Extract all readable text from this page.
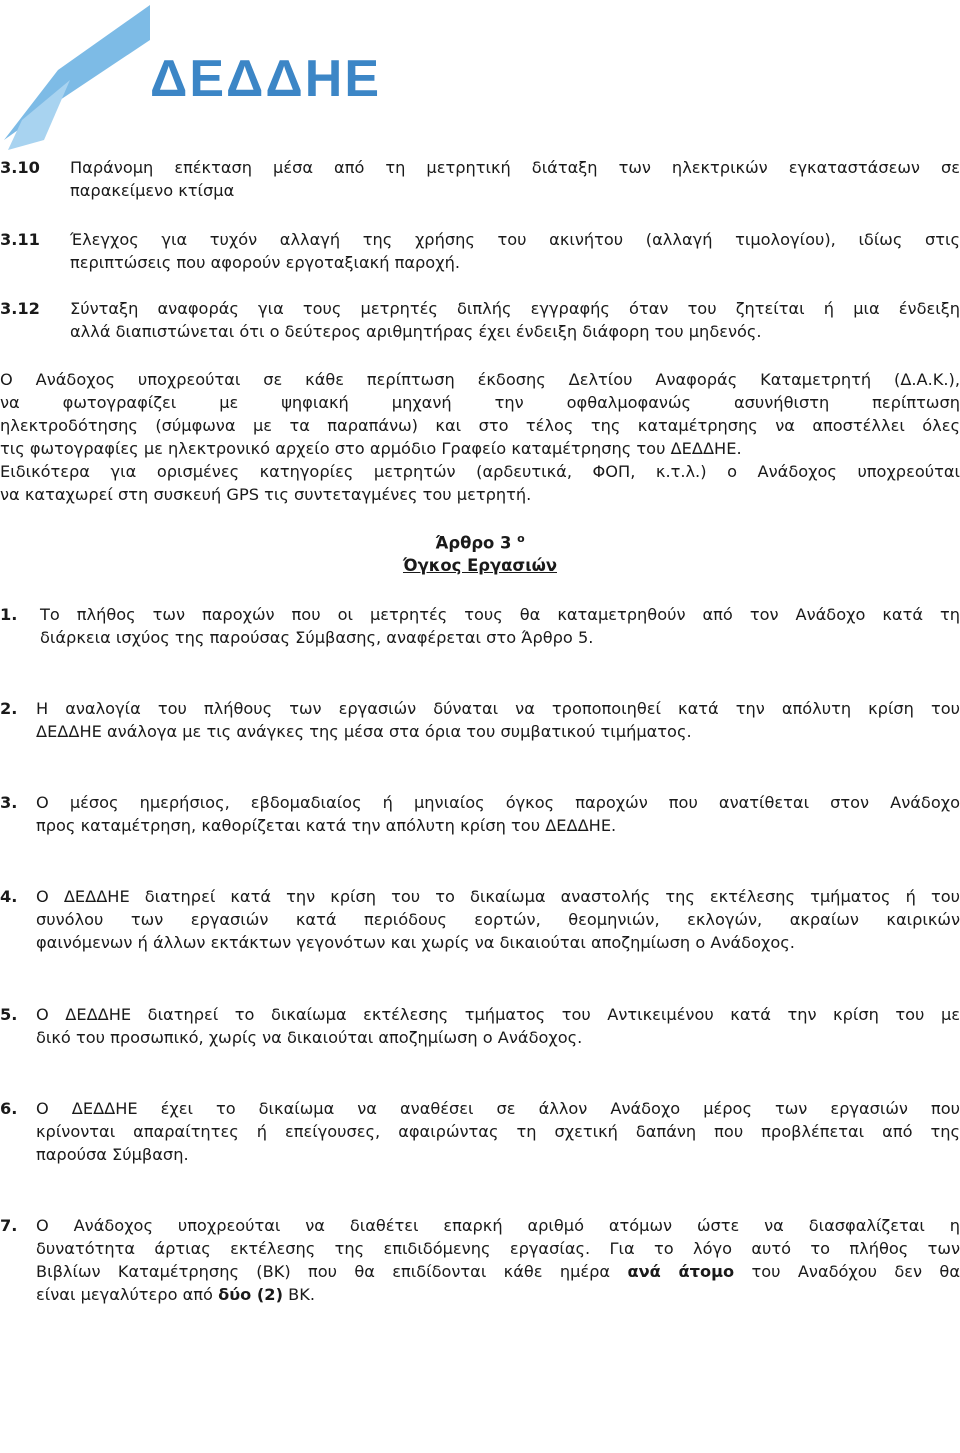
ΔΕΔΔΗΕ
3.10 Παράνομη επέκταση μέσα από τη μετρητική διάταξη των ηλεκτρικών εγκαταστάσεων σε
παρακείμενο κτίσμα
3.11 Έλεγχος για τυχόν αλλαγή της χρήσης του ακινήτου (αλλαγή τιμολογίου), ιδίως στις
περιπτώσεις που αφορούν εργοταξιακή παροχή.
3.12 Σύνταξη αναφοράς για τους μετρητές διπλής εγγραφής όταν του ζητείται ή μια ένδειξη
αλλά διαπιστώνεται ότι ο δεύτερος αριθμητήρας έχει ένδειξη διάφορη του μηδενός.
Ο Ανάδοχος υποχρεούται σε κάθε περίπτωση έκδοσης Δελτίου Αναφοράς Καταμετρητή (Δ.Α.Κ.),
να φωτογραφίζει με ψηφιακή μηχανή την οφθαλμοφανώς ασυνήθιστη περίπτωση
ηλεκτροδότησης (σύμφωνα με τα παραπάνω) και στο τέλος της καταμέτρησης να αποστέλλει όλες
τις φωτογραφίες με ηλεκτρονικό αρχείο στο αρμόδιο Γραφείο καταμέτρησης του ΔΕΔΔΗΕ.
Ειδικότερα για ορισμένες κατηγορίες μετρητών (αρδευτικά, ΦΟΠ, κ.τ.λ.) ο Ανάδοχος υποχρεούται
να καταχωρεί στη συσκευή GPS τις συντεταγμένες του μετρητή.
Άρθρο 3 $^o$
Όγκος Εργασιών
1. Το πλήθος των παροχών που οι μετρητές τους θα καταμετρηθούν από τον Ανάδοχο κατά τη
διάρκεια ισχύος της παρούσας Σύμβασης, αναφέρεται στο Άρθρο 5.
2. Η αναλογία του πλήθους των εργασιών δύναται να τροποποιηθεί κατά την απόλυτη κρίση του
ΔΕΔΔΗΕ ανάλογα με τις ανάγκες της μέσα στα όρια του συμβατικού τιμήματος.
3. Ο μέσος ημερήσιος, εβδομαδιαίος ή μηνιαίος όγκος παροχών που ανατίθεται στον Ανάδοχο
προς καταμέτρηση, καθορίζεται κατά την απόλυτη κρίση του ΔΕΔΔΗΕ.
4. Ο ΔΕΔΔΗΕ διατηρεί κατά την κρίση του το δικαίωμα αναστολής της εκτέλεσης τμήματος ή του
συνόλου των εργασιών κατά περιόδους εορτών, θεομηνιών, εκλογών, ακραίων καιρικών
φαινόμενων ή άλλων εκτάκτων γεγονότων και χωρίς να δικαιούται αποζημίωση ο Ανάδοχος.
5. Ο ΔΕΔΔΗΕ διατηρεί το δικαίωμα εκτέλεσης τμήματος του Αντικειμένου κατά την κρίση του με
δικό του προσωπικό, χωρίς να δικαιούται αποζημίωση ο Ανάδοχος.
6. Ο ΔΕΔΔΗΕ έχει το δικαίωμα να αναθέσει σε άλλον Ανάδοχο μέρος των εργασιών που
κρίνονται απαραίτητες ή επείγουσες, αφαιρώντας τη σχετική δαπάνη που προβλέπεται από της
παρούσα Σύμβαση.
7. Ο Ανάδοχος υποχρεούται να διαθέτει επαρκή αριθμό ατόμων ώστε να διασφαλίζεται η
δυνατότητα άρτιας εκτέλεσης της επιδιδόμενης εργασίας. Για το λόγο αυτό το πλήθος των
Βιβλίων Καταμέτρησης (ΒΚ) που θα επιδίδονται κάθε ημέρα ανά άτομο του Αναδόχου δεν θα
είναι μεγαλύτερο από δύο (2) ΒΚ.
